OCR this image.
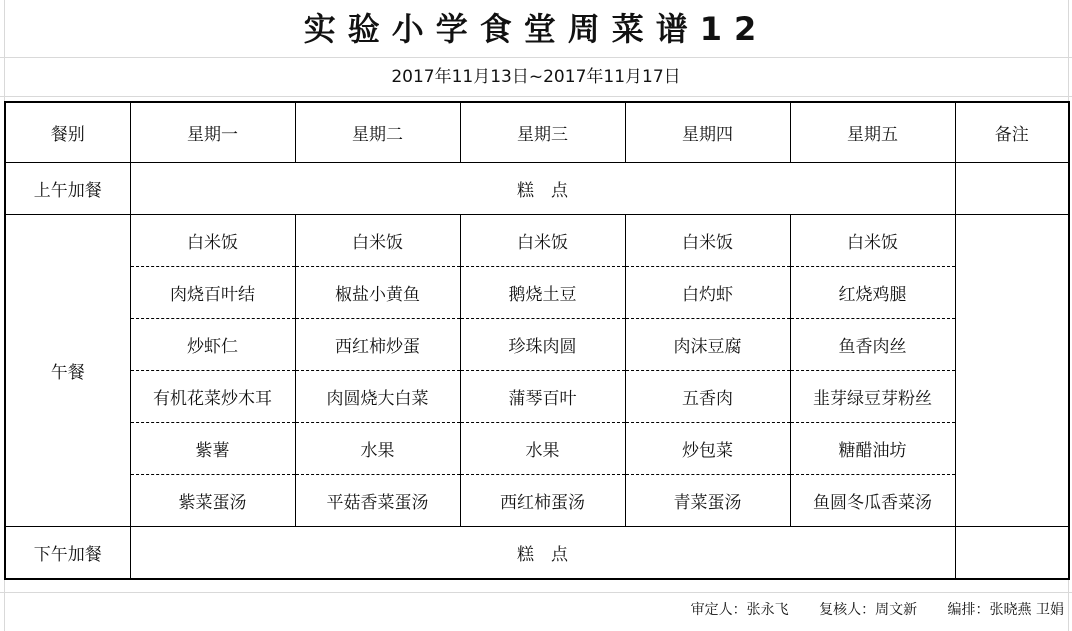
实验小学食堂周菜谱12
2017年11月13日~2017年11月17日
餐别	星期一	星期二	星期三	星期四	星期五	备注
上午加餐	糕　点					
午餐	白米饭	白米饭	白米饭	白米饭	白米饭	
	肉烧百叶结	椒盐小黄鱼	鹅烧土豆	白灼虾	红烧鸡腿	
	炒虾仁	西红柿炒蛋	珍珠肉圆	肉沫豆腐	鱼香肉丝	
	有机花菜炒木耳	肉圆烧大白菜	蒲琴百叶	五香肉	韭芽绿豆芽粉丝	
	紫薯	水果	水果	炒包菜	糖醋油坊	
	紫菜蛋汤	平菇香菜蛋汤	西红柿蛋汤	青菜蛋汤	鱼圆冬瓜香菜汤	
下午加餐	糕　点					
审定人：张永飞 复核人：周文新 编排：张晓燕 卫娟
